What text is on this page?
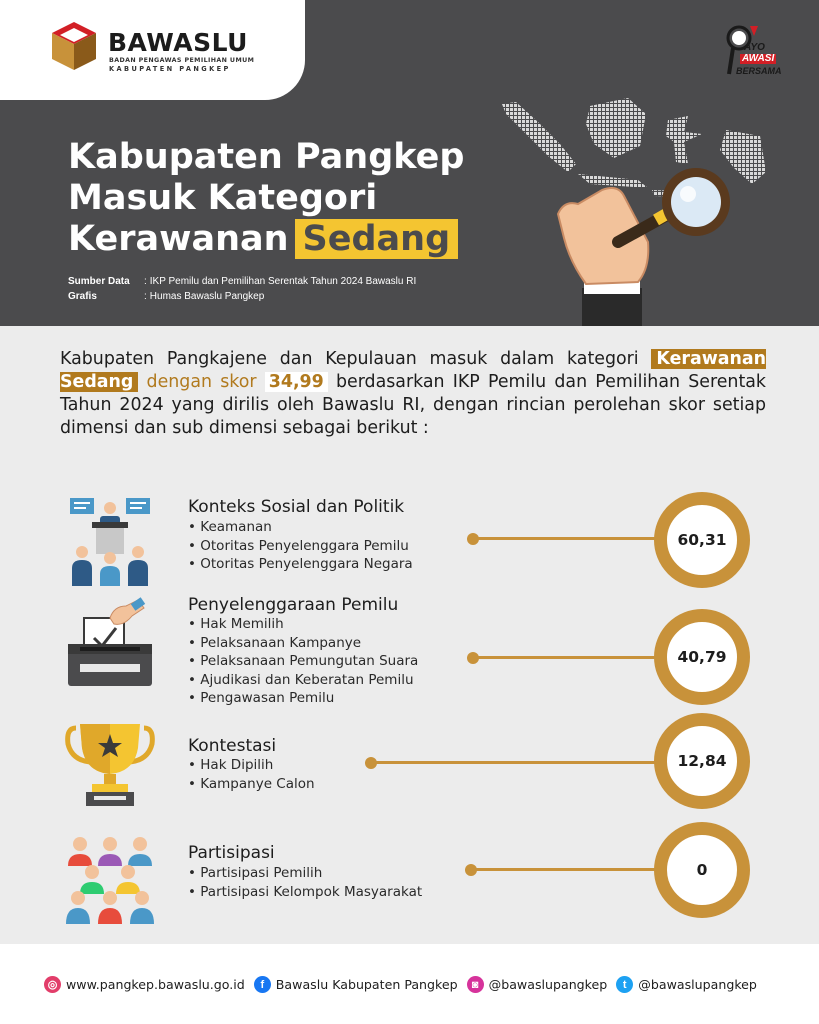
BAWASLU
BADAN PENGAWAS PEMILIHAN UMUM
KABUPATEN PANGKEP
AYO
AWASI
BERSAMA
Kabupaten Pangkep
Masuk Kategori
Kerawanan Sedang
Sumber Data	: IKP Pemilu dan Pemilihan Serentak Tahun 2024 Bawaslu RI
Grafis	: Humas Bawaslu Pangkep

Kabupaten Pangkajene dan Kepulauan masuk dalam kategori Kerawanan Sedang dengan skor 34,99 berdasarkan IKP Pemilu dan Pemilihan Serentak Tahun 2024 yang dirilis oleh Bawaslu RI, dengan rincian perolehan skor setiap dimensi dan sub dimensi sebagai berikut :

Konteks Sosial dan Politik
• Keamanan
• Otoritas Penyelenggara Pemilu
• Otoritas Penyelenggara Negara
60,31
Penyelenggaraan Pemilu
• Hak Memilih
• Pelaksanaan Kampanye
• Pelaksanaan Pemungutan Suara
• Ajudikasi dan Keberatan Pemilu
• Pengawasan Pemilu
40,79
Kontestasi
• Hak Dipilih
• Kampanye Calon
12,84
Partisipasi
• Partisipasi Pemilih
• Partisipasi Kelompok Masyarakat
0
◎ www.pangkep.bawaslu.go.id	f Bawaslu Kabupaten Pangkep	◙ @bawaslupangkep	t @bawaslupangkep
